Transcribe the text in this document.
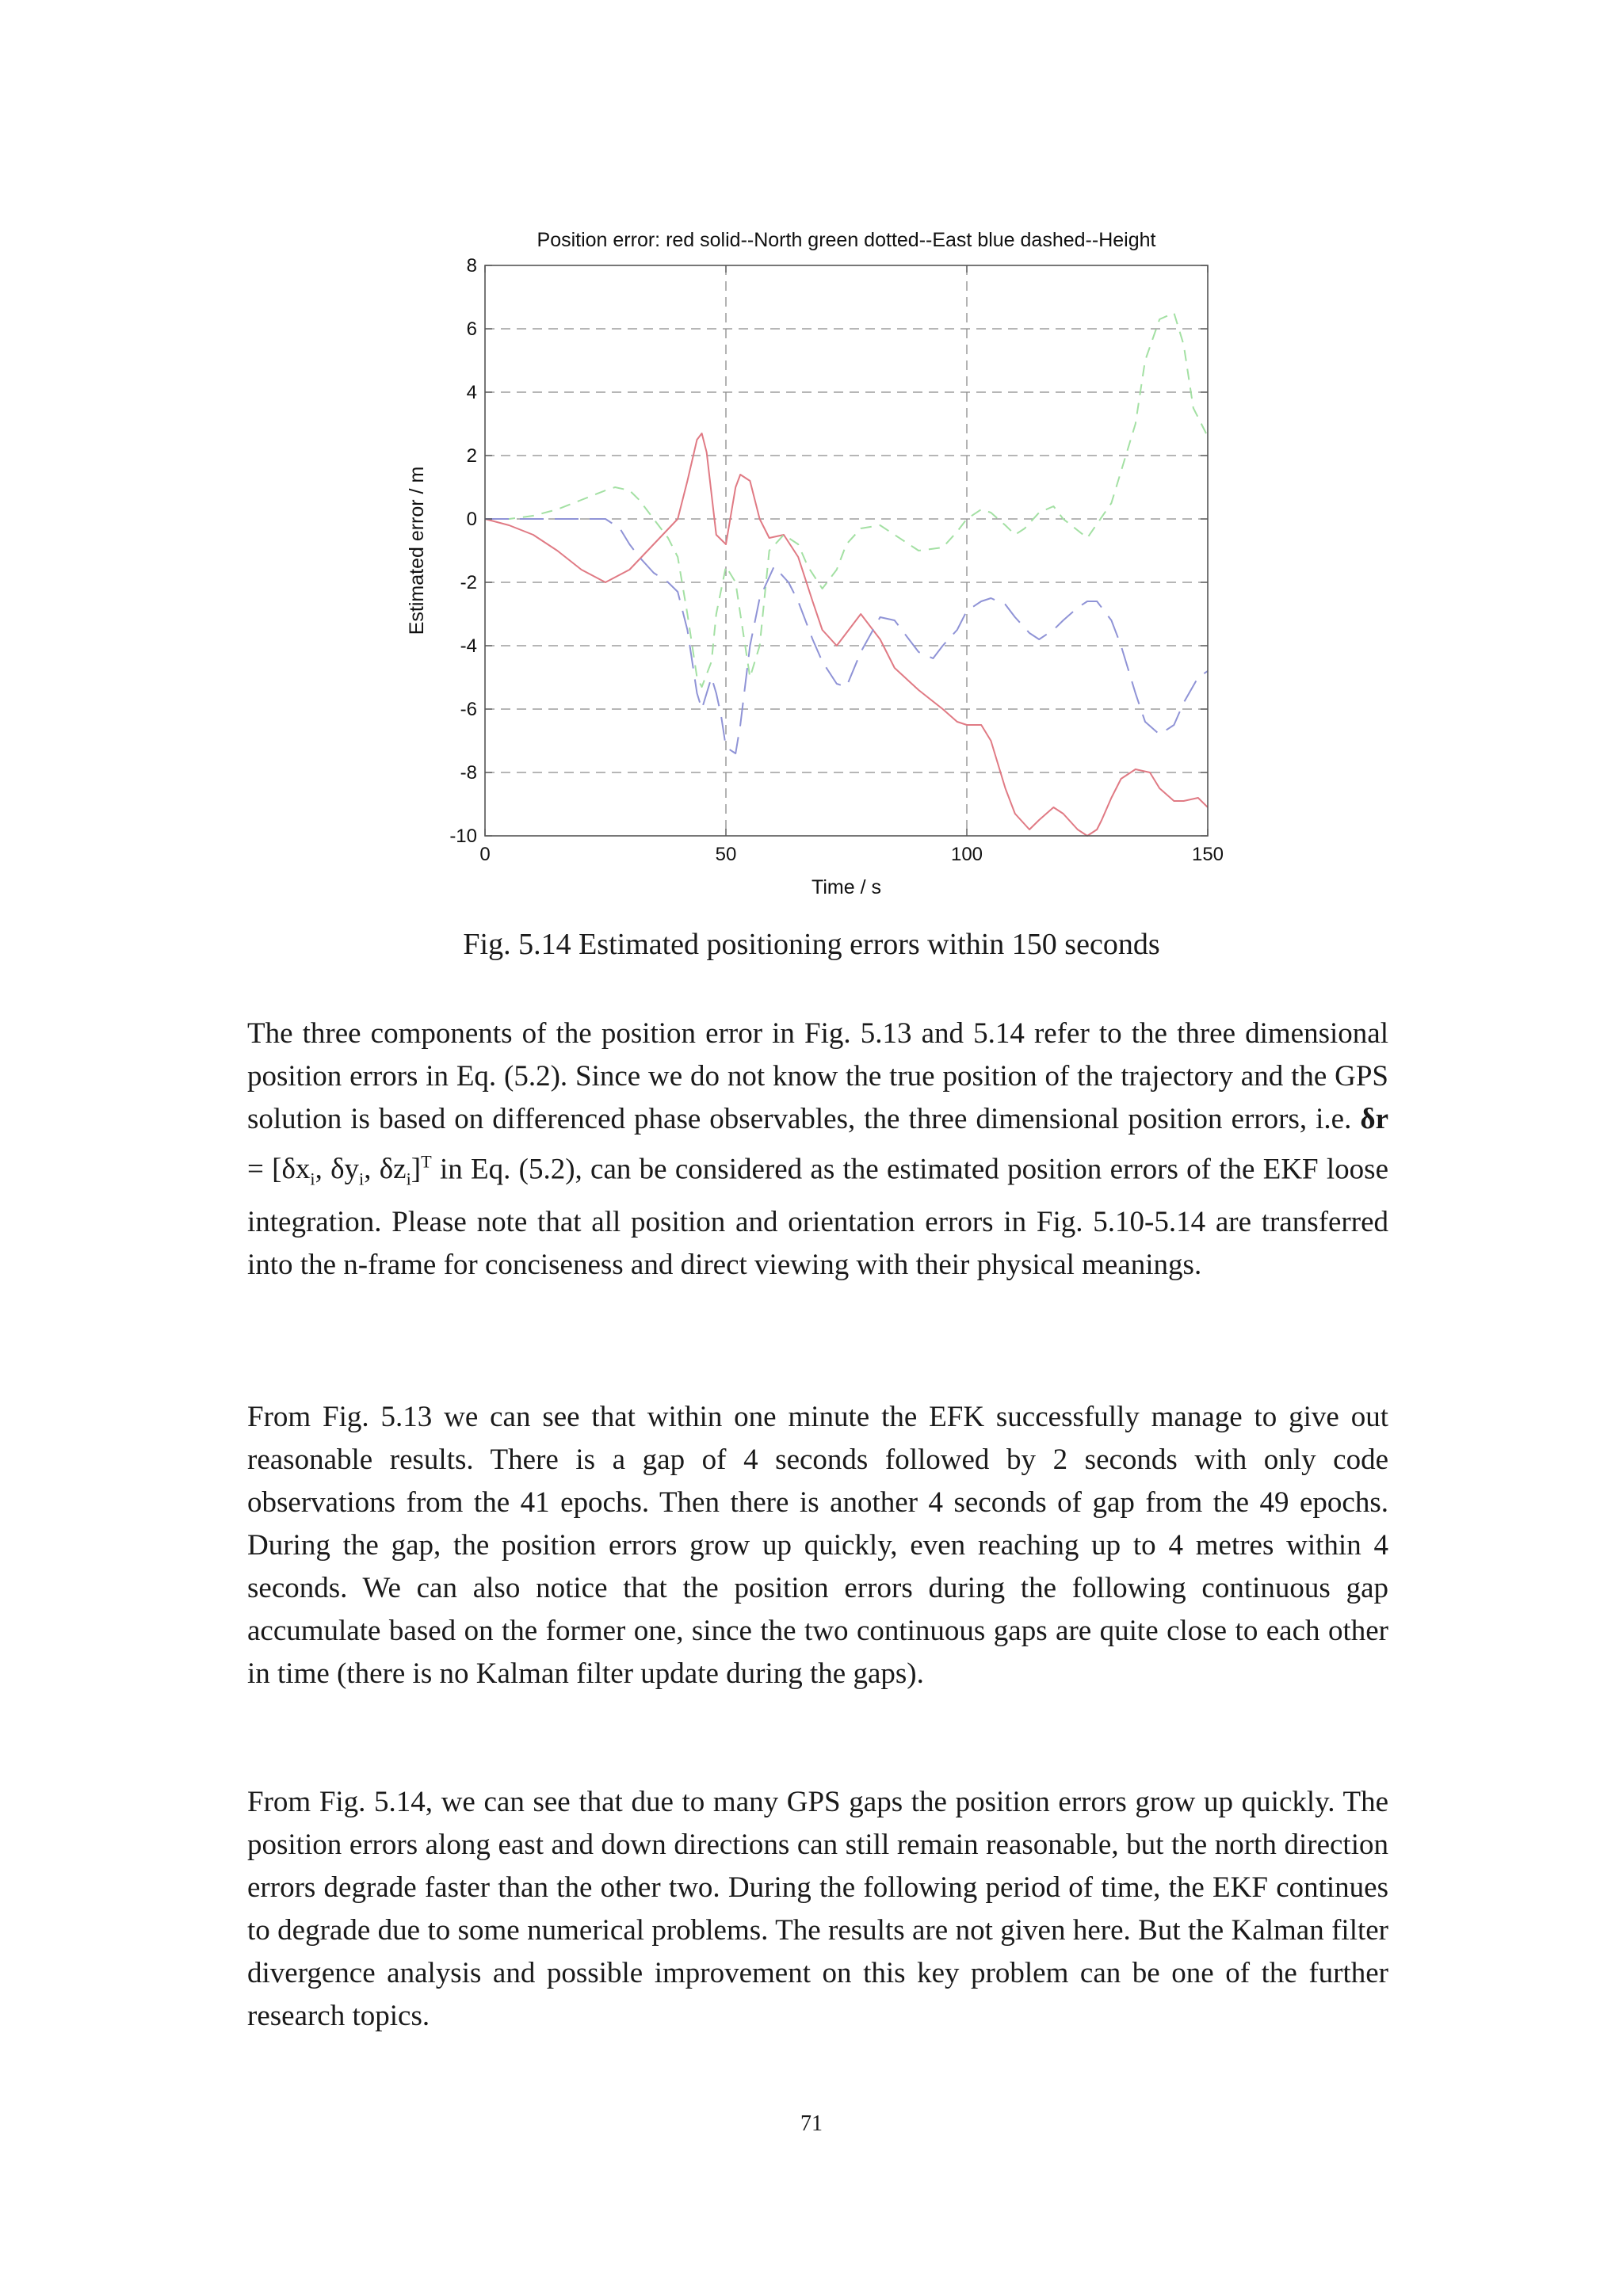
Position error: red solid--North green dotted--East blue dashed--Height
-10
-8
-6
-4
-2
0
2
4
6
8
0	50	100	150
Time / s
Estimated error / m
Fig. 5.14 Estimated positioning errors within 150 seconds

The three components of the position error in Fig. 5.13 and 5.14 refer to the three dimensional position errors in Eq. (5.2). Since we do not know the true position of the trajectory and the GPS solution is based on differenced phase observables, the three dimensional position errors, i.e. $\delta r = [\delta x_i$, $\delta y_i$, $\delta z_i]^T$ in Eq. (5.2), can be considered as the estimated position errors of the EKF loose integration. Please note that all position and orientation errors in Fig. 5.10-5.14 are transferred into the n-frame for conciseness and direct viewing with their physical meanings.

From Fig. 5.13 we can see that within one minute the EFK successfully manage to give out reasonable results. There is a gap of 4 seconds followed by 2 seconds with only code observations from the 41 epochs. Then there is another 4 seconds of gap from the 49 epochs. During the gap, the position errors grow up quickly, even reaching up to 4 metres within 4 seconds. We can also notice that the position errors during the following continuous gap accumulate based on the former one, since the two continuous gaps are quite close to each other in time (there is no Kalman filter update during the gaps).

From Fig. 5.14, we can see that due to many GPS gaps the position errors grow up quickly. The position errors along east and down directions can still remain reasonable, but the north direction errors degrade faster than the other two. During the following period of time, the EKF continues to degrade due to some numerical problems. The results are not given here. But the Kalman filter divergence analysis and possible improvement on this key problem can be one of the further research topics.

71
